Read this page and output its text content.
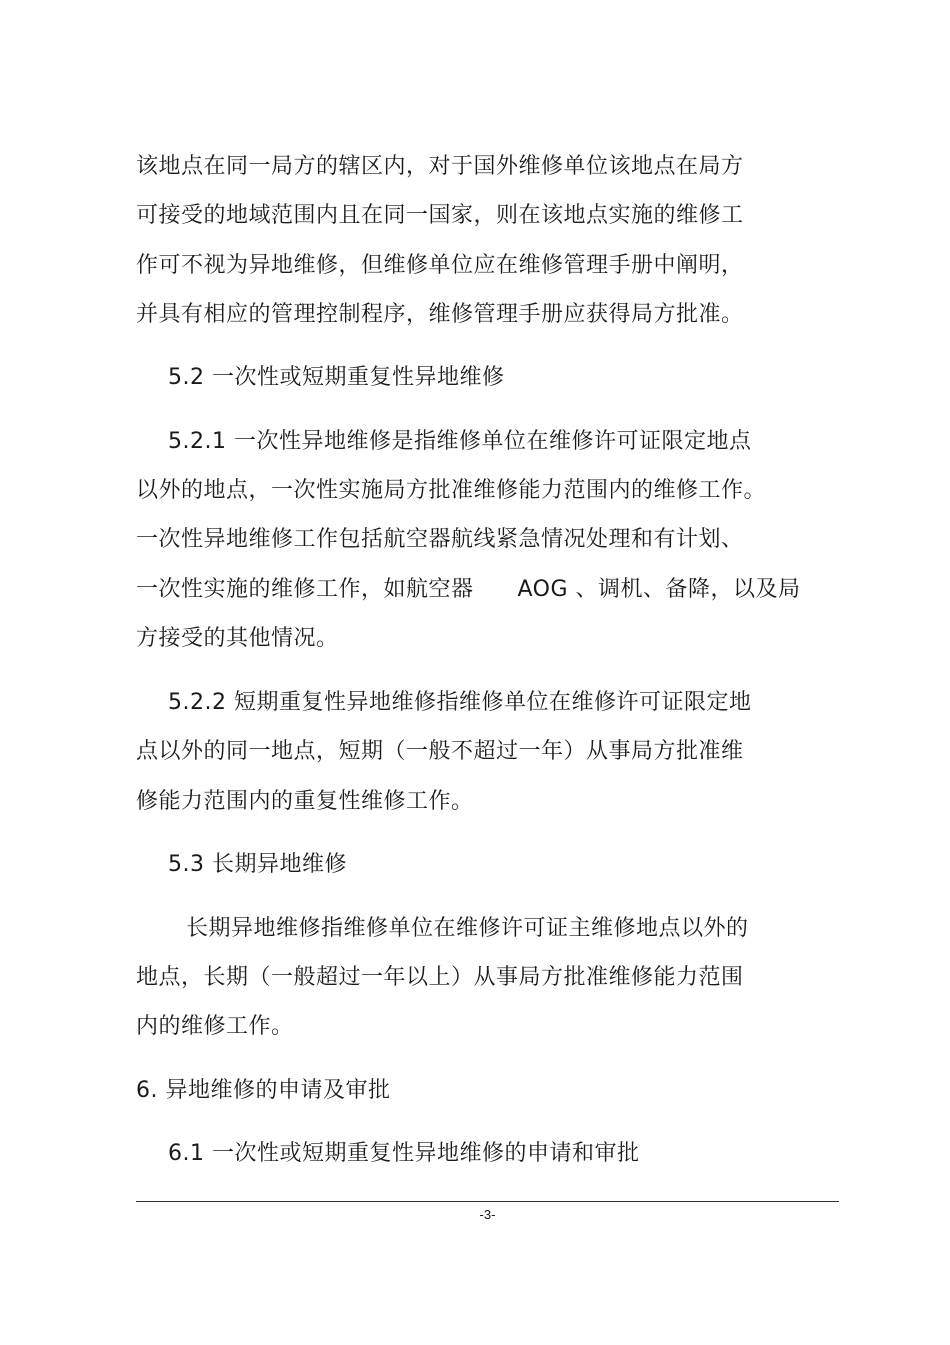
该地点在同一局方的辖区内，对于国外维修单位该地点在局方
可接受的地域范围内且在同一国家，则在该地点实施的维修工
作可不视为异地维修，但维修单位应在维修管理手册中阐明，
并具有相应的管理控制程序，维修管理手册应获得局方批准。
5.2 一次性或短期重复性异地维修
5.2.1 一次性异地维修是指维修单位在维修许可证限定地点
以外的地点，一次性实施局方批准维修能力范围内的维修工作。
一次性异地维修工作包括航空器航线紧急情况处理和有计划、
一次性实施的维修工作，如航空器 AOG 、调机、备降，以及局
方接受的其他情况。
5.2.2 短期重复性异地维修指维修单位在维修许可证限定地
点以外的同一地点，短期（一般不超过一年）从事局方批准维
修能力范围内的重复性维修工作。
5.3 长期异地维修
长期异地维修指维修单位在维修许可证主维修地点以外的
地点，长期（一般超过一年以上）从事局方批准维修能力范围
内的维修工作。
6. 异地维修的申请及审批
6.1 一次性或短期重复性异地维修的申请和审批
-3-
